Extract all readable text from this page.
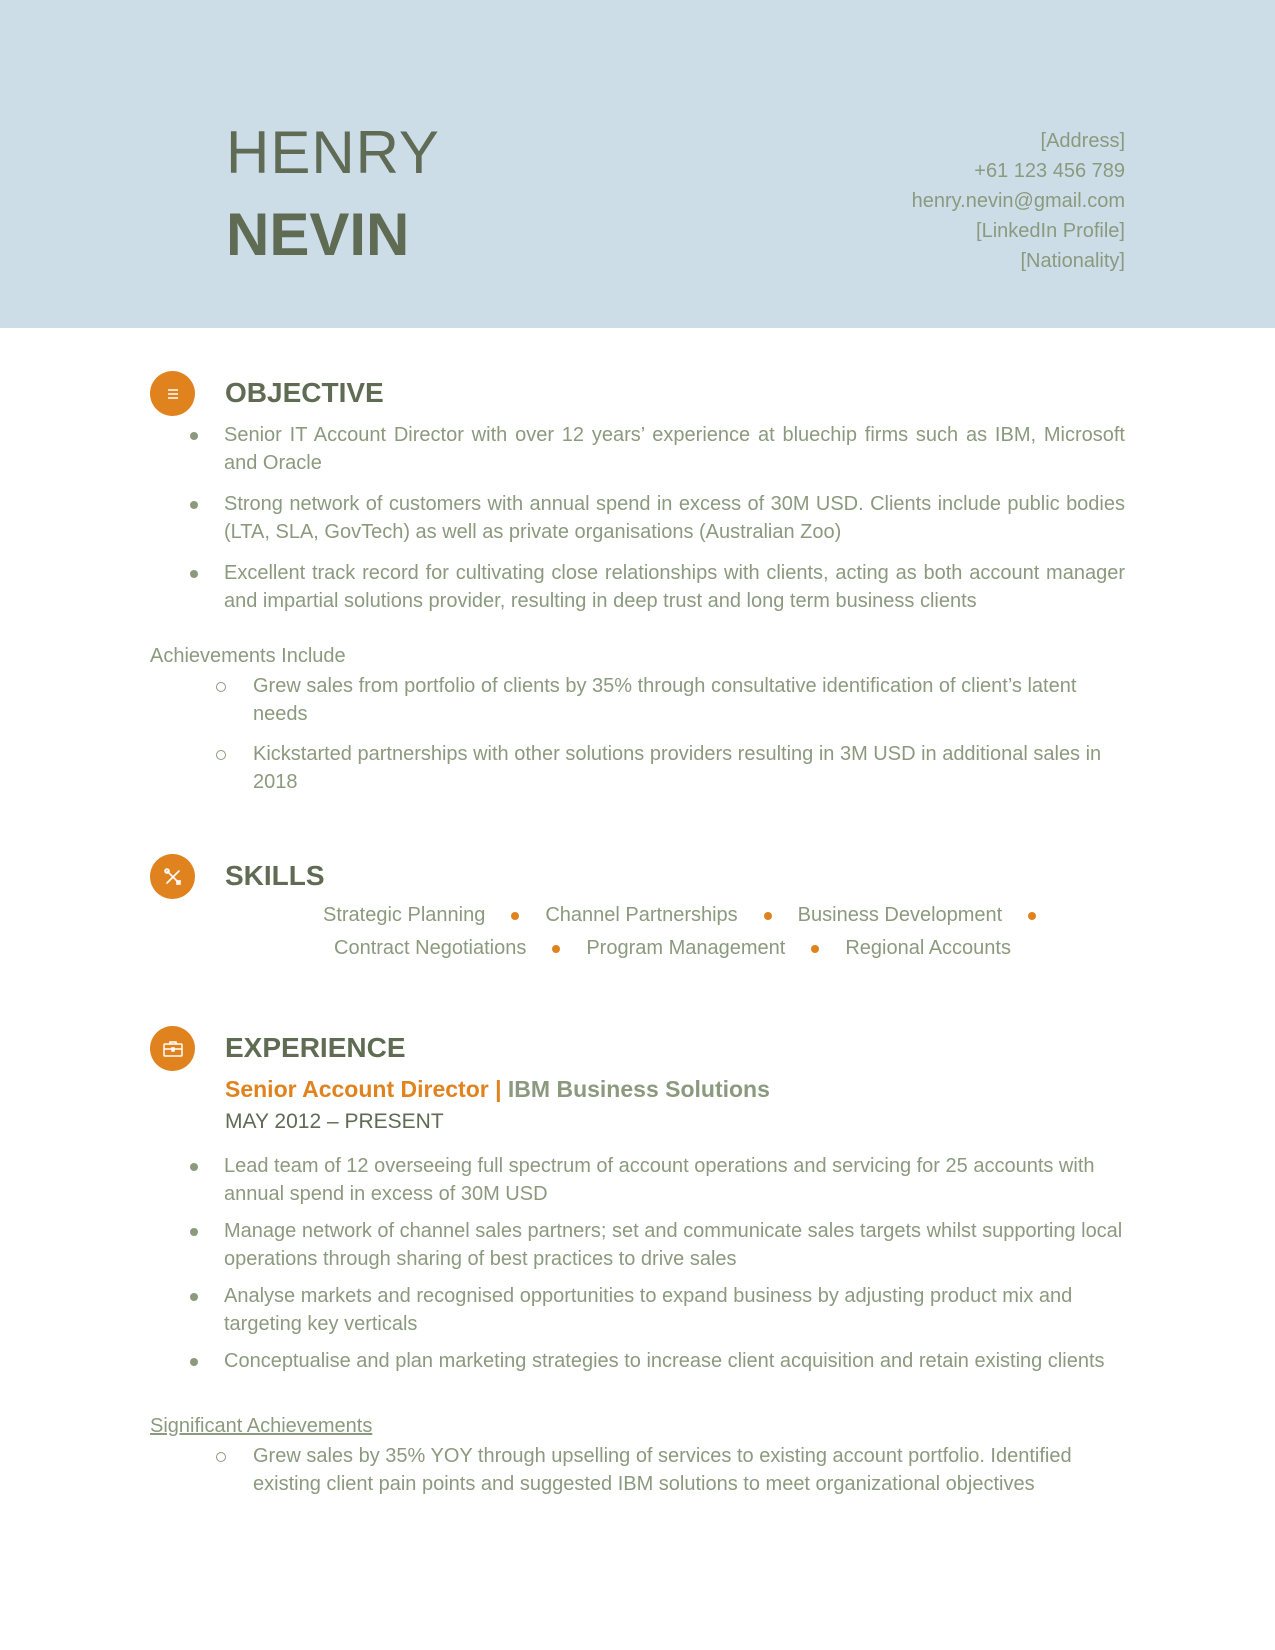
HENRY
NEVIN
[Address]
+61 123 456 789
henry.nevin@gmail.com
[LinkedIn Profile]
[Nationality]
OBJECTIVE
Senior IT Account Director with over 12 years’ experience at bluechip firms such as IBM, Microsoft and Oracle
Strong network of customers with annual spend in excess of 30M USD. Clients include public bodies (LTA, SLA, GovTech) as well as private organisations (Australian Zoo)
Excellent track record for cultivating close relationships with clients, acting as both account manager and impartial solutions provider, resulting in deep trust and long term business clients
Achievements Include
Grew sales from portfolio of clients by 35% through consultative identification of client’s latent needs
Kickstarted partnerships with other solutions providers resulting in 3M USD in additional sales in 2018
SKILLS
Strategic Planning	Channel Partnerships	Business Development
Contract Negotiations	Program Management	Regional Accounts
EXPERIENCE
Senior Account Director | IBM Business Solutions
MAY 2012 – PRESENT
Lead team of 12 overseeing full spectrum of account operations and servicing for 25 accounts with annual spend in excess of 30M USD
Manage network of channel sales partners; set and communicate sales targets whilst supporting local operations through sharing of best practices to drive sales
Analyse markets and recognised opportunities to expand business by adjusting product mix and targeting key verticals
Conceptualise and plan marketing strategies to increase client acquisition and retain existing clients
Significant Achievements
Grew sales by 35% YOY through upselling of services to existing account portfolio. Identified existing client pain points and suggested IBM solutions to meet organizational objectives
